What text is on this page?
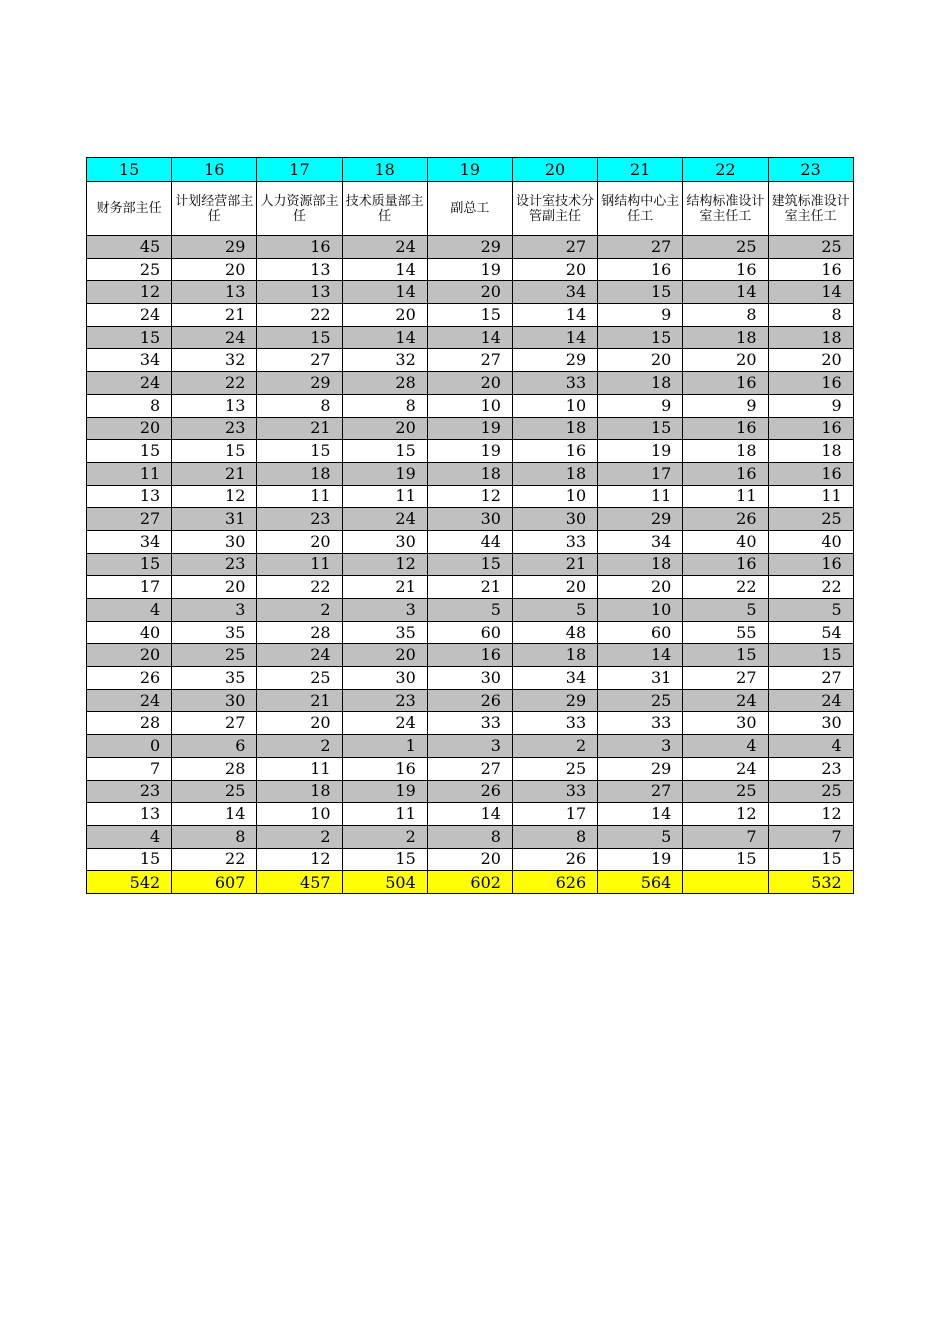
15	16	17	18	19	20	21	22	23
财务部主任	计划经营部主任	人力资源部主任	技术质量部主任	副总工	设计室技术分管副主任	钢结构中心主任工	结构标准设计室主任工	建筑标准设计室主任工
45	29	16	24	29	27	27	25	25
25	20	13	14	19	20	16	16	16
12	13	13	14	20	34	15	14	14
24	21	22	20	15	14	9	8	8
15	24	15	14	14	14	15	18	18
34	32	27	32	27	29	20	20	20
24	22	29	28	20	33	18	16	16
8	13	8	8	10	10	9	9	9
20	23	21	20	19	18	15	16	16
15	15	15	15	19	16	19	18	18
11	21	18	19	18	18	17	16	16
13	12	11	11	12	10	11	11	11
27	31	23	24	30	30	29	26	25
34	30	20	30	44	33	34	40	40
15	23	11	12	15	21	18	16	16
17	20	22	21	21	20	20	22	22
4	3	2	3	5	5	10	5	5
40	35	28	35	60	48	60	55	54
20	25	24	20	16	18	14	15	15
26	35	25	30	30	34	31	27	27
24	30	21	23	26	29	25	24	24
28	27	20	24	33	33	33	30	30
0	6	2	1	3	2	3	4	4
7	28	11	16	27	25	29	24	23
23	25	18	19	26	33	27	25	25
13	14	10	11	14	17	14	12	12
4	8	2	2	8	8	5	7	7
15	22	12	15	20	26	19	15	15
542	607	457	504	602	626	564		532
